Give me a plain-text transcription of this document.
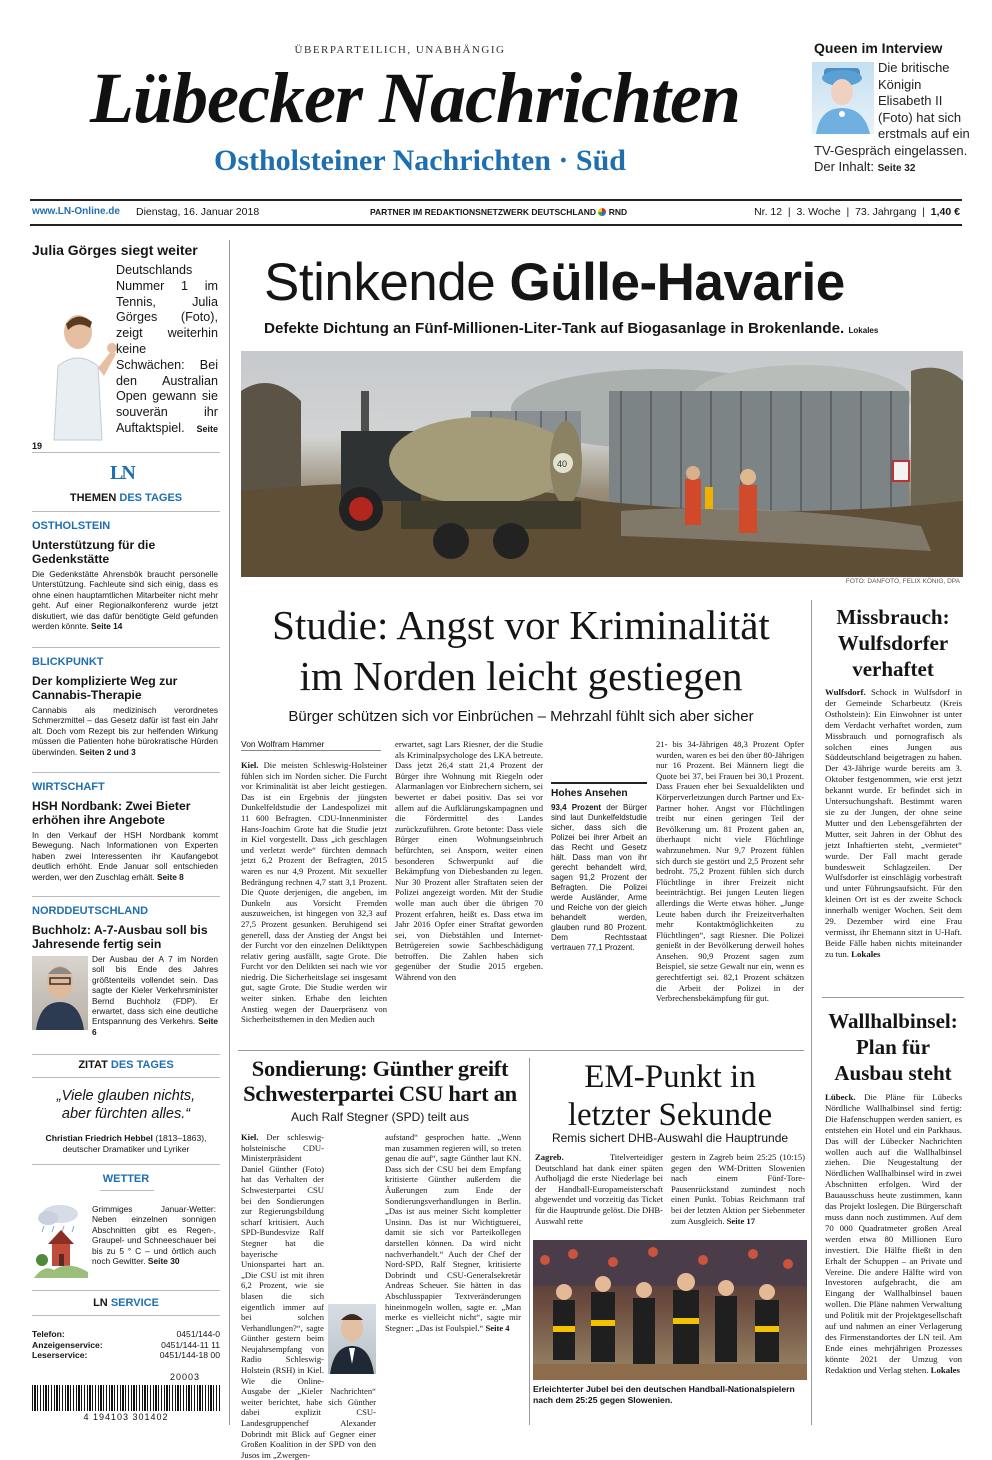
ÜBERPARTEILICH, UNABHÄNGIG
Lübecker Nachrichten
Ostholsteiner Nachrichten · Süd
Queen im Interview
Die britische Königin Elisabeth II (Foto) hat sich erstmals auf ein TV-Gespräch eingelassen. Der Inhalt: Seite 32
www.LN-Online.de Dienstag, 16. Januar 2018	PARTNER IM REDAKTIONSNETZWERK DEUTSCHLAND RND	Nr. 12  |  3. Woche  |  73. Jahrgang  |  1,40 €
Julia Görges siegt weiter
Deutschlands Nummer 1 im Tennis, Julia Görges (Foto), zeigt weiterhin keine Schwächen: Bei den Australian Open gewann sie souverän ihr Auftaktspiel. Seite 19
LN
THEMEN DES TAGES
OSTHOLSTEIN
Unterstützung für die Gedenkstätte
Die Gedenkstätte Ahrensbök braucht personelle Unterstützung. Fachleute sind sich einig, dass es ohne einen hauptamtlichen Mitarbeiter nicht mehr geht. Auf einer Regionalkonferenz wurde jetzt diskutiert, wie das dafür benötigte Geld gefunden werden könnte. Seite 14
BLICKPUNKT
Der komplizierte Weg zur Cannabis-Therapie
Cannabis als medizinisch verordnetes Schmerzmittel – das Gesetz dafür ist fast ein Jahr alt. Doch vom Rezept bis zur helfenden Wirkung müssen die Patienten hohe bürokratische Hürden überwinden. Seiten 2 und 3
WIRTSCHAFT
HSH Nordbank: Zwei Bieter erhöhen ihre Angebote
In den Verkauf der HSH Nordbank kommt Bewegung. Nach Informationen von Experten haben zwei Interessenten ihr Kaufangebot deutlich erhöht. Ende Januar soll entschieden werden, wer den Zuschlag erhält. Seite 8
NORDDEUTSCHLAND
Buchholz: A-7-Ausbau soll bis Jahresende fertig sein
Der Ausbau der A 7 im Norden soll bis Ende des Jahres größtenteils vollendet sein. Das sagte der Kieler Verkehrsminister Bernd Buchholz (FDP). Er erwartet, dass sich eine deutliche Entspannung des Verkehrs. Seite 6
ZITAT DES TAGES
„Viele glauben nichts, aber fürchten alles.“
Christian Friedrich Hebbel (1813–1863),
deutscher Dramatiker und Lyriker
WETTER
Grimmiges Januar-Wetter: Neben einzelnen sonnigen Abschnitten gibt es Regen-, Graupel- und Schneeschauer bei bis zu 5 ° C – und örtlich auch noch Gewitter. Seite 30
LN SERVICE
Telefon:	0451/144-0
Anzeigenservice:	0451/144-11 11
Leserservice:	0451/144-18 00
20003
4 194103 301402
Stinkende Gülle-Havarie
Defekte Dichtung an Fünf-Millionen-Liter-Tank auf Biogasanlage in Brokenlande. Lokales
40
FOTO: DANFOTO, FELIX KÖNIG, DPA
Studie: Angst vor Kriminalität
im Norden leicht gestiegen
Bürger schützen sich vor Einbrüchen – Mehrzahl fühlt sich aber sicher
Von Wolfram Hammer
Kiel. Die meisten Schleswig-Holsteiner fühlen sich im Norden sicher. Die Furcht vor Kriminalität ist aber leicht gestiegen. Das ist ein Ergebnis der jüngsten Dunkelfeldstudie der Landespolizei mit 11 600 Befragten. CDU-Innenminister Hans-Joachim Grote hat die Studie jetzt in Kiel vorgestellt. Dass „ich geschlagen und verletzt werde“ fürchten demnach jetzt 6,2 Prozent der Befragten, 2015 waren es nur 4,9 Prozent. Mit sexueller Bedrängung rechnen 4,7 statt 3,1 Prozent. Die Quote derjenigen, die angeben, im Dunkeln aus Vorsicht Fremden auszuweichen, ist hingegen von 32,3 auf 27,5 Prozent gesunken. Beruhigend sei generell, dass der Anstieg der Angst bei der Furcht vor den einzelnen Delikttypen relativ gering ausfällt, sagte Grote. Die Furcht vor den Delikten sei nach wie vor niedrig. Die Sicherheitslage sei insgesamt gut, sagte Grote. Die Studie werden wir weiter sinken. Erhabe den leichten Anstieg wegen der Dauerpräsenz von Sicherheitsthemen in den Medien auch
erwartet, sagt Lars Riesner, der die Studie als Kriminalpsychologe des LKA betreute. Dass jetzt 26,4 statt 21,4 Prozent der Bürger ihre Wohnung mit Riegeln oder Alarmanlagen vor Einbrechern sichern, sei bewertet er dabei positiv. Das sei vor allem auf die Aufklärungskampagnen und die Fördermittel des Landes zurückzuführen. Grote betonte: Dass viele Bürger einen Wohnungseinbruch befürchten, sei Ansporn, weiter einen besonderen Schwerpunkt auf die Bekämpfung von Diebesbanden zu legen. Nur 30 Prozent aller Straftaten seien der Polizei angezeigt worden. Mit der Studie wolle man auch über die übrigen 70 Prozent erfahren, heißt es. Dass etwa im Jahr 2016 Opfer einer Straftat geworden sei, von Diebstählen und Internet-Betrügereien sowie Sachbeschädigung betroffen. Die Zahlen haben sich gegenüber der Studie 2015 ergeben. Während von den
Hohes Ansehen
93,4 Prozent der Bürger sind laut Dunkelfeldstudie sicher, dass sich die Polizei bei ihrer Arbeit an das Recht und Gesetz hält. Dass man von ihr gerecht behandelt wird, sagen 91,2 Prozent der Befragten. Die Polizei werde Ausländer, Arme und Reiche von der gleich behandelt werden, glauben rund 80 Prozent. Dem Rechtsstaat vertrauen 77,1 Prozent.
21- bis 34-Jährigen 48,3 Prozent Opfer wurden, waren es bei den über 80-Jährigen nur 16 Prozent. Bei Männern liegt die Quote bei 37, bei Frauen bei 30,1 Prozent. Dass Frauen eher bei Sexualdelikten und Körperverletzungen durch Partner und Ex-Partner hoher. Angst vor Flüchtlingen treibt nur einen geringen Teil der Bevölkerung um. 81 Prozent gaben an, überhaupt nicht viele Flüchtlinge wahrzunehmen. Nur 9,7 Prozent fühlen sich durch sie gestört und 2,5 Prozent sehr bedroht. 75,2 Prozent fühlen sich durch Flüchtlinge in ihrer Freizeit nicht beeinträchtigt. Bei jungen Leuten liegen allerdings die Werte etwas höher. „Junge Leute haben durch ihr Freizeitverhalten mehr Kontaktmöglichkeiten zu Flüchtlingen“, sagt Riesner. Die Polizei genießt in der Bevölkerung derweil hohes Ansehen. 90,9 Prozent sagen zum Beispiel, sie setze Gewalt nur ein, wenn es gerechtfertigt sei. 82,1 Prozent schätzen die Arbeit der Polizei in der Verbrechensbekämpfung für gut.
Sondierung: Günther greift
Schwesterpartei CSU hart an
Auch Ralf Stegner (SPD) teilt aus
Kiel. Der schleswig-holsteinische CDU-Ministerpräsident Daniel Günther (Foto) hat das Verhalten der Schwesterpartei CSU bei den Sondierungen zur Regierungsbildung scharf kritisiert. Auch SPD-Bundesvize Ralf Stegner hat die bayerische Unionspartei hart an. „Die CSU ist mit ihren 6,2 Prozent, wie sie blasen die sich eigentlich immer auf bei solchen Verhandlungen?“, sagte Günther gestern beim Neujahrsempfang von Radio Schleswig-Holstein (RSH) in Kiel. Wie die Online-Ausgabe der „Kieler Nachrichten“ weiter berichtet, habe sich Günther dabei explizit CSU-Landesgruppenchef Alexander Dobrindt mit Blick auf Gegner einer Großen Koalition in der SPD von den Jusos im „Zwergen-
aufstand“ gesprochen hatte. „Wenn man zusammen regieren will, so treten genau die auf“, sagte Günther laut KN. Dass sich der CSU bei dem Empfang kritisierte Günther außerdem die Äußerungen zum Ende der Sondierungsverhandlungen in Berlin. „Das ist aus meiner Sicht kompletter Unsinn. Das ist nur Wichtigtuerei, damit sie sich vor Parteikollegen darstellen können. Da wird nicht nachverhandelt.“ Auch der Chef der Nord-SPD, Ralf Stegner, kritisierte Dobrindt und CSU-Generalsekretär Andreas Scheuer. Sie hätten in das Abschlusspapier Textveränderungen hineinmogeln wollen, sagte er. „Man merke es vielleicht nicht“, sagte mir Stegner: „Das ist Foulspiel.“ Seite 4
EM-Punkt in
letzter Sekunde
Remis sichert DHB-Auswahl die Hauptrunde
Zagreb.	Titelverteidiger Deutschland hat dank einer späten Aufholjagd die erste Niederlage bei der Handball-Europameisterschaft abgewendet und vorzeitig das Ticket für die Hauptrunde gelöst. Die DHB-Auswahl rette
gestern in Zagreb beim 25:25 (10:15) gegen den WM-Dritten Slowenien nach einem Fünf-Tore-Pausenrückstand zumindest noch einen Punkt. Tobias Reichmann traf bei der letzten Aktion per Siebenmeter zum Ausgleich. Seite 17
Erleichterter Jubel bei den deutschen Handball-Nationalspielern nach dem 25:25 gegen Slowenien.
Missbrauch: Wulfsdorfer verhaftet
Wulfsdorf. Schock in Wulfsdorf in der Gemeinde Scharbeutz (Kreis Ostholstein): Ein Einwohner ist unter dem Verdacht verhaftet worden, zum Missbrauch und pornografisch als solchen eines Jungen aus Süddeutschland beigetragen zu haben. Der 43-Jährige wurde bereits am 3. Oktober festgenommen, wie erst jetzt bekannt wurde. Er befindet sich in Untersuchungshaft. Bestimmt waren sie zu der Jungen, der ohne seine Mutter und den Lebensgefährten der Mutter, seit Jahren in der Obhut des jetzt Inhaftierten steht, „vermietet“ wurde. Der Fall macht gerade bundesweit Schlagzeilen. Der Wulfsdorfer ist einschlägig vorbestraft und unter Führungsaufsicht. Für den kleinen Ort ist es der zweite Schock innerhalb weniger Wochen. Seit dem 29. Dezember wird eine Frau vermisst, ihr Ehemann sitzt in U-Haft. Beide Fälle haben nichts miteinander zu tun. Lokales
Wallhalbinsel: Plan für Ausbau steht
Lübeck. Die Pläne für Lübecks Nördliche Wallhalbinsel sind fertig: Die Hafenschuppen werden saniert, es entstehen ein Hotel und ein Parkhaus. Das will der Lübecker Nachrichten wollen auch auf die Wallhalbinsel ziehen. Die Neugestaltung der Nördlichen Wallhalbinsel wird in zwei Abschnitten erfolgen. Wird der Bauausschuss heute zustimmen, kann das Projekt loslegen. Die Bürgerschaft muss dann noch zustimmen. Auf dem 70 000 Quadratmeter großen Areal werden etwa 80 Millionen Euro investiert. Die Hälfte fließt in den Erhalt der Schuppen – an Private und Vereine. Die andere Hälfte wird von Investoren aufgebracht, die am Eingang der Wallhalbinsel bauen wollen. Die Pläne nahmen Verwaltung und Politik mit der Projektgesellschaft auf und nahmen an einer Verlagerung des Firmenstandortes der LN teil. Am Ende eines mehrjährigen Prozesses könnte 2021 der Umzug von Redaktion und Verlag stehen. Lokales
